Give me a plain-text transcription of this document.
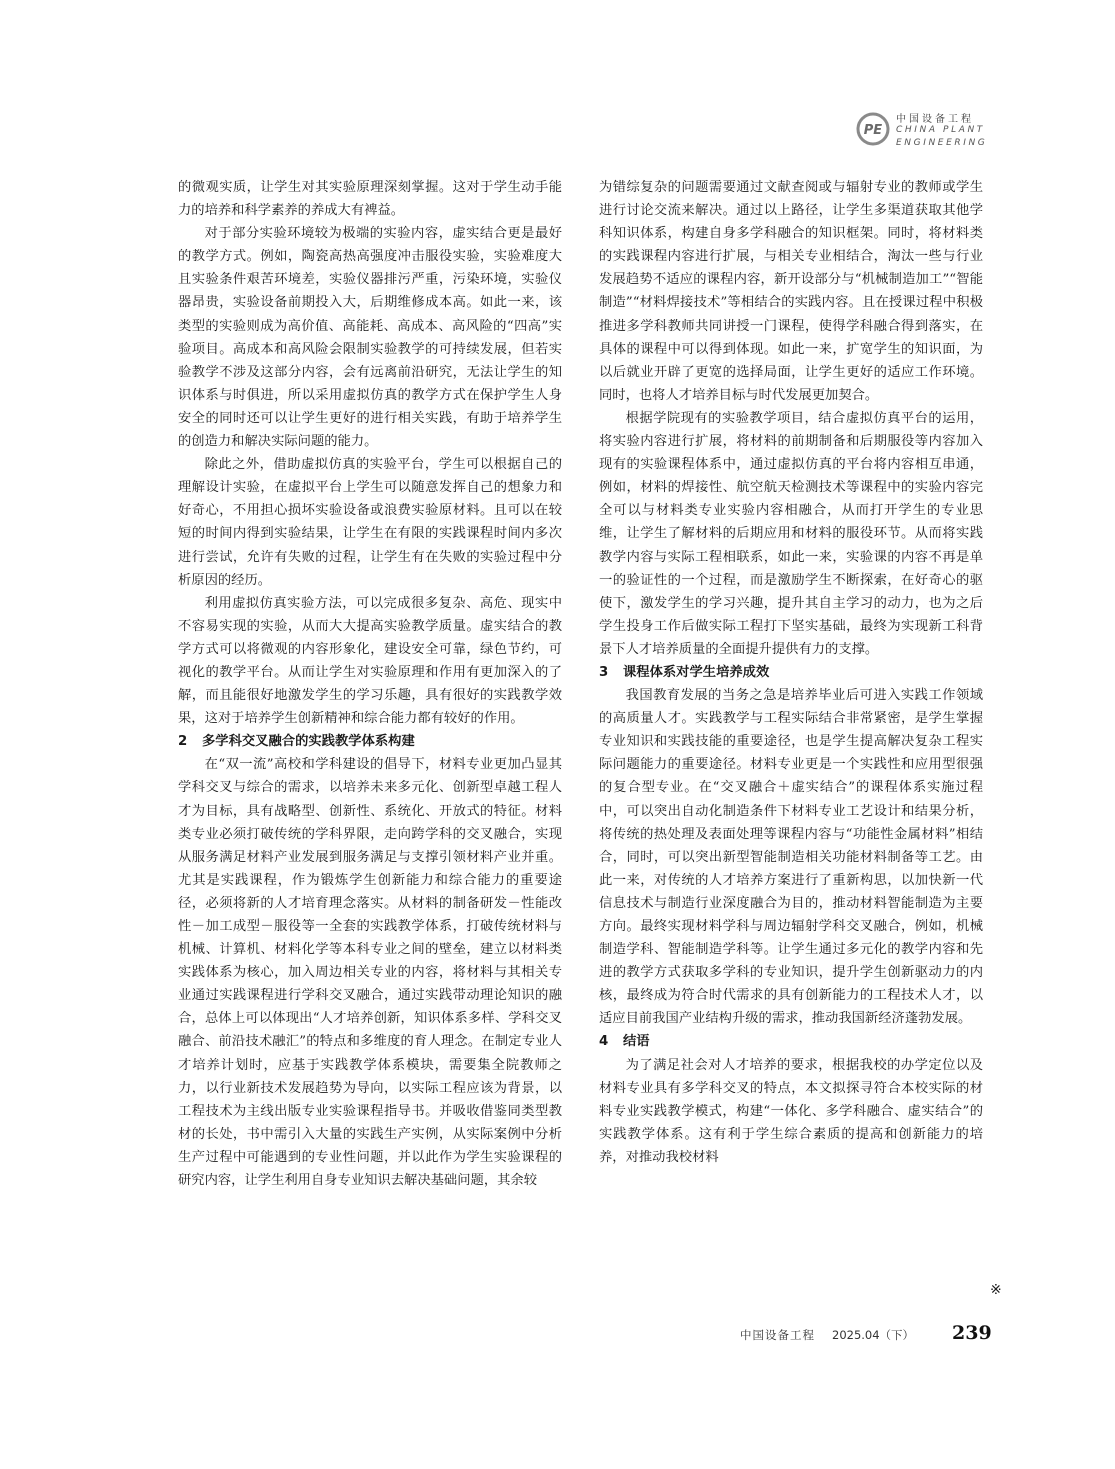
PE
中国设备工程
CHINA PLANT
ENGINEERING

的微观实质，让学生对其实验原理深刻掌握。这对于学生动手能力的培养和科学素养的养成大有裨益。

对于部分实验环境较为极端的实验内容，虚实结合更是最好的教学方式。例如，陶瓷高热高强度冲击服役实验，实验难度大且实验条件艰苦环境差，实验仪器排污严重，污染环境，实验仪器昂贵，实验设备前期投入大，后期维修成本高。如此一来，该类型的实验则成为高价值、高能耗、高成本、高风险的“四高”实验项目。高成本和高风险会限制实验教学的可持续发展，但若实验教学不涉及这部分内容，会有远离前沿研究，无法让学生的知识体系与时俱进，所以采用虚拟仿真的教学方式在保护学生人身安全的同时还可以让学生更好的进行相关实践，有助于培养学生的创造力和解决实际问题的能力。

除此之外，借助虚拟仿真的实验平台，学生可以根据自己的理解设计实验，在虚拟平台上学生可以随意发挥自己的想象力和好奇心，不用担心损坏实验设备或浪费实验原材料。且可以在较短的时间内得到实验结果，让学生在有限的实践课程时间内多次进行尝试，允许有失败的过程，让学生有在失败的实验过程中分析原因的经历。

利用虚拟仿真实验方法，可以完成很多复杂、高危、现实中不容易实现的实验，从而大大提高实验教学质量。虚实结合的教学方式可以将微观的内容形象化，建设安全可靠，绿色节约，可视化的教学平台。从而让学生对实验原理和作用有更加深入的了解，而且能很好地激发学生的学习乐趣，具有很好的实践教学效果，这对于培养学生创新精神和综合能力都有较好的作用。

2 多学科交叉融合的实践教学体系构建

在“双一流”高校和学科建设的倡导下，材料专业更加凸显其学科交叉与综合的需求，以培养未来多元化、创新型卓越工程人才为目标，具有战略型、创新性、系统化、开放式的特征。材料类专业必须打破传统的学科界限，走向跨学科的交叉融合，实现从服务满足材料产业发展到服务满足与支撑引领材料产业并重。尤其是实践课程，作为锻炼学生创新能力和综合能力的重要途径，必须将新的人才培育理念落实。从材料的制备研发－性能改性－加工成型－服役等一全套的实践教学体系，打破传统材料与机械、计算机、材料化学等本科专业之间的壁垒，建立以材料类实践体系为核心，加入周边相关专业的内容，将材料与其相关专业通过实践课程进行学科交叉融合，通过实践带动理论知识的融合，总体上可以体现出“人才培养创新，知识体系多样、学科交叉融合、前沿技术融汇”的特点和多维度的育人理念。在制定专业人才培养计划时，应基于实践教学体系模块，需要集全院教师之力，以行业新技术发展趋势为导向，以实际工程应该为背景，以工程技术为主线出版专业实验课程指导书。并吸收借鉴同类型教材的长处，书中需引入大量的实践生产实例，从实际案例中分析生产过程中可能遇到的专业性问题，并以此作为学生实验课程的研究内容，让学生利用自身专业知识去解决基础问题，其余较

为错综复杂的问题需要通过文献查阅或与辐射专业的教师或学生进行讨论交流来解决。通过以上路径，让学生多渠道获取其他学科知识体系，构建自身多学科融合的知识框架。同时，将材料类的实践课程内容进行扩展，与相关专业相结合，淘汰一些与行业发展趋势不适应的课程内容，新开设部分与“机械制造加工”“智能制造”“材料焊接技术”等相结合的实践内容。且在授课过程中积极推进多学科教师共同讲授一门课程，使得学科融合得到落实，在具体的课程中可以得到体现。如此一来，扩宽学生的知识面，为以后就业开辟了更宽的选择局面，让学生更好的适应工作环境。同时，也将人才培养目标与时代发展更加契合。

根据学院现有的实验教学项目，结合虚拟仿真平台的运用，将实验内容进行扩展，将材料的前期制备和后期服役等内容加入现有的实验课程体系中，通过虚拟仿真的平台将内容相互串通，例如，材料的焊接性、航空航天检测技术等课程中的实验内容完全可以与材料类专业实验内容相融合，从而打开学生的专业思维，让学生了解材料的后期应用和材料的服役环节。从而将实践教学内容与实际工程相联系，如此一来，实验课的内容不再是单一的验证性的一个过程，而是激励学生不断探索，在好奇心的驱使下，激发学生的学习兴趣，提升其自主学习的动力，也为之后学生投身工作后做实际工程打下坚实基础，最终为实现新工科背景下人才培养质量的全面提升提供有力的支撑。

3 课程体系对学生培养成效

我国教育发展的当务之急是培养毕业后可进入实践工作领域的高质量人才。实践教学与工程实际结合非常紧密，是学生掌握专业知识和实践技能的重要途径，也是学生提高解决复杂工程实际问题能力的重要途径。材料专业更是一个实践性和应用型很强的复合型专业。在“交叉融合＋虚实结合”的课程体系实施过程中，可以突出自动化制造条件下材料专业工艺设计和结果分析，将传统的热处理及表面处理等课程内容与“功能性金属材料”相结合，同时，可以突出新型智能制造相关功能材料制备等工艺。由此一来，对传统的人才培养方案进行了重新构思，以加快新一代信息技术与制造行业深度融合为目的，推动材料智能制造为主要方向。最终实现材料学科与周边辐射学科交叉融合，例如，机械制造学科、智能制造学科等。让学生通过多元化的教学内容和先进的教学方式获取多学科的专业知识，提升学生创新驱动力的内核，最终成为符合时代需求的具有创新能力的工程技术人才，以适应目前我国产业结构升级的需求，推动我国新经济蓬勃发展。

4 结语

为了满足社会对人才培养的要求，根据我校的办学定位以及材料专业具有多学科交叉的特点，本文拟探寻符合本校实际的材料专业实践教学模式，构建“一体化、多学科融合、虚实结合”的实践教学体系。这有利于学生综合素质的提高和创新能力的培养，对推动我校材料

※
中国设备工程 2025.04（下） 239
